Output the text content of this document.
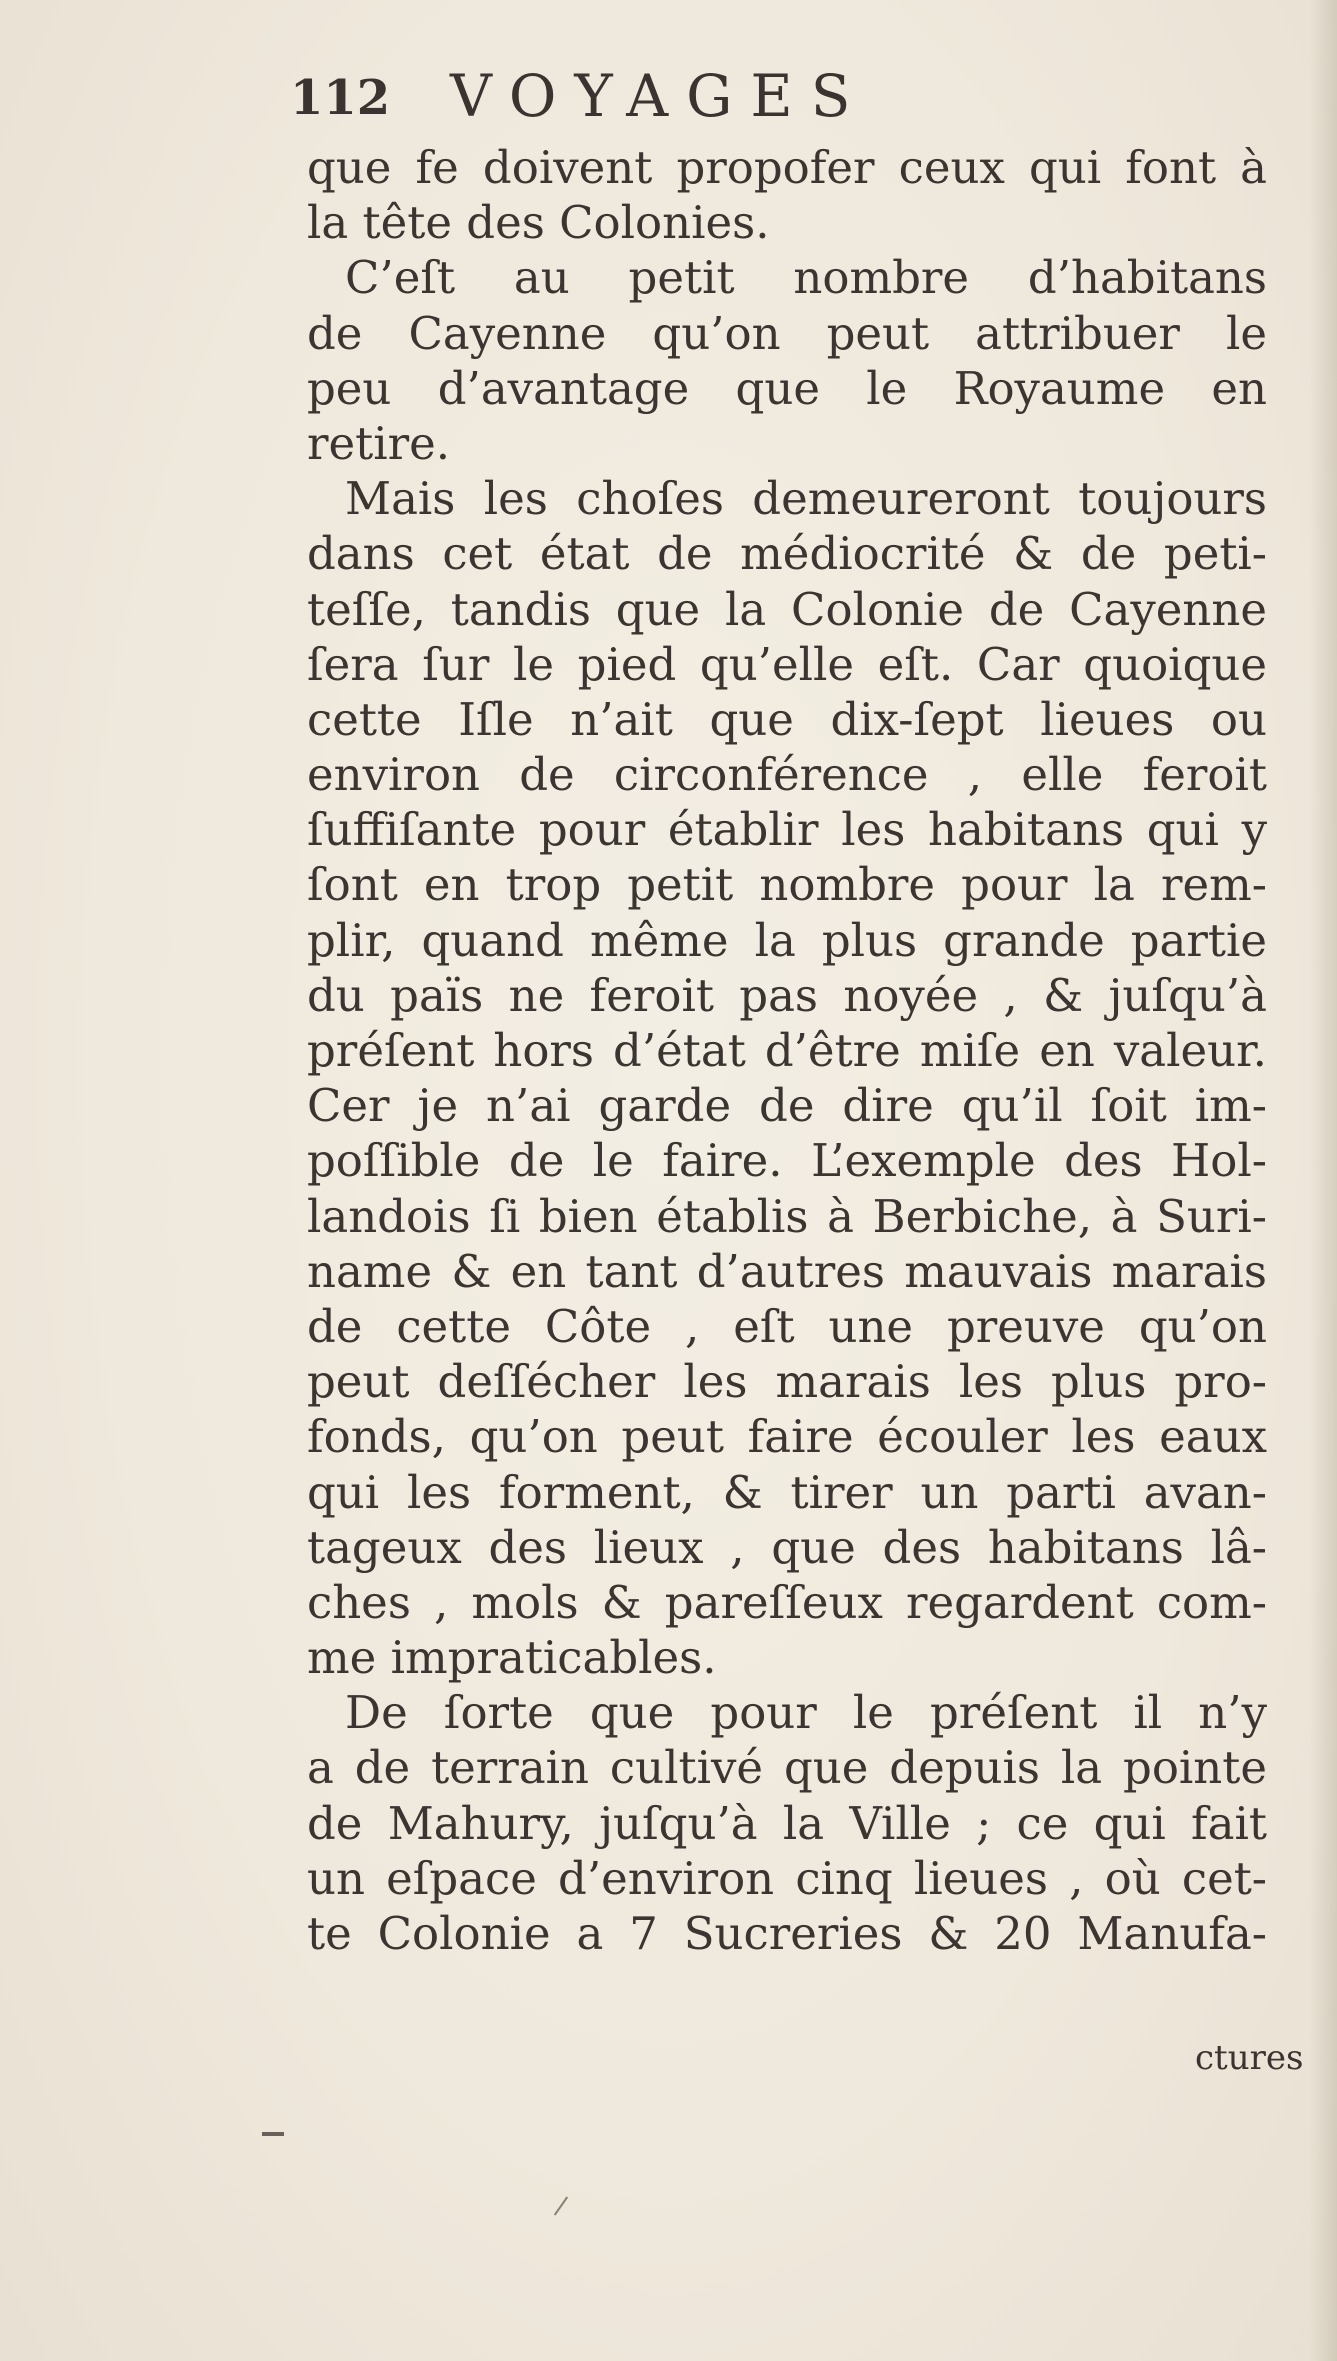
112 VOYAGES
que fe doivent propofer ceux qui font à
la tête des Colonies.
C’eſt au petit nombre d’habitans
de Cayenne qu’on peut attribuer le
peu d’avantage que le Royaume en
retire.
Mais les choſes demeureront toujours
dans cet état de médiocrité & de peti-
teſſe, tandis que la Colonie de Cayenne
ſera ſur le pied qu’elle eſt. Car quoique
cette Iſle n’ait que dix-ſept lieues ou
environ de circonférence , elle feroit
ſuffiſante pour établir les habitans qui y
ſont en trop petit nombre pour la rem-
plir, quand même la plus grande partie
du païs ne feroit pas noyée , & juſqu’à
préſent hors d’état d’être miſe en valeur.
Cer je n’ai garde de dire qu’il ſoit im-
poſſible de le faire. L’exemple des Hol-
landois ſi bien établis à Berbiche, à Suri-
name & en tant d’autres mauvais marais
de cette Côte , eſt une preuve qu’on
peut deſſécher les marais les plus pro-
fonds, qu’on peut faire écouler les eaux
qui les forment, & tirer un parti avan-
tageux des lieux , que des habitans lâ-
ches , mols & pareſſeux regardent com-
me impraticables.
De ſorte que pour le préſent il n’y
a de terrain cultivé que depuis la pointe
de Mahury, juſqu’à la Ville ; ce qui fait
un eſpace d’environ cinq lieues , où cet-
te Colonie a 7 Sucreries & 20 Manufa-
ctures
